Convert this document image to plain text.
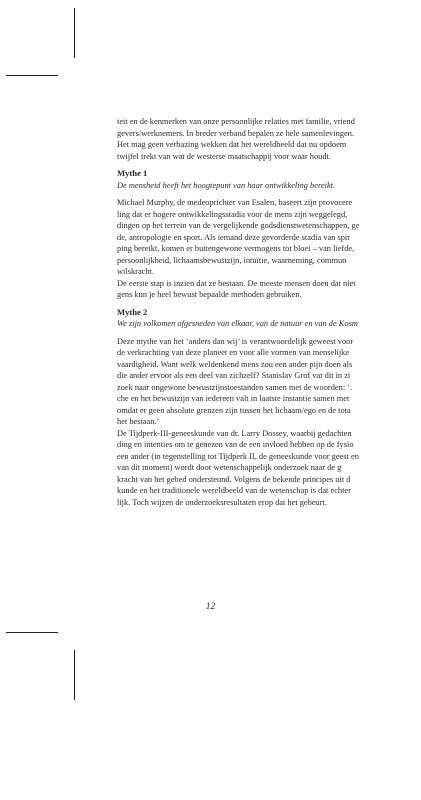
teit en de kenmerken van onze persoonlijke relaties met familie, vriend

gevers/werknemers. In breder verband bepalen ze hele samenlevingen.

Het mag geen verbazing wekken dat het wereldbeeld dat nu opdoem

twijfel trekt van wat de westerse maatschappij voor waar houdt.

Mythe 1

De mensheid heeft het hoogtepunt van haar ontwikkeling bereikt.

Michael Murphy, de medeoprichter van Esalen, baseert zijn provocere

ling dat er hogere ontwikkelingsstadia voor de mens zijn weggelegd,

dingen op het terrein van de vergelijkende godsdienstwetenschappen, ge

de, antropologie en sport. Als iemand deze gevorderde stadia van spir

ping bereikt, komen er buitengewone vermogens tot bloei – van liefde,

persoonlijkheid, lichaamsbewustzijn, intuïtie, waarneming, commun

wilskracht.

De eerste stap is inzien dat ze bestaan. De meeste mensen doen dat niet

gens kun je heel bewust bepaalde methoden gebruiken.

Mythe 2

We zijn volkomen afgesneden van elkaar, van de natuur en van de Kosm

Deze mythe van het ‘anders dan wij’ is verantwoordelijk geweest voor

de verkrachting van deze planeet en voor alle vormen van menselijke

vaardigheid. Want welk weldenkend mens zou een ander pijn doen als

die ander ervoor als een deel van zichzelf? Stanislav Grof vat dit in zi

zoek naar ongewone bewustzijnstoestanden samen met de woorden: ‘.

che en het bewustzijn van iedereen valt in laatste instantie samen met

omdat er geen absolute grenzen zijn tussen het lichaam/ego en de tota

het bestaan.’

De Tijdperk-III-geneeskunde van dr. Larry Dossey, waarbij gedachten

ding en intenties om te genezen van de een invloed hebben op de fysio

een ander (in tegenstelling tot Tijdperk II, de geneeskunde voor geest en

van dit moment) wordt door wetenschappelijk onderzoek naar de g

kracht van het gebed ondersteund. Volgens de bekende principes uit d

kunde en het traditionele wereldbeeld van de wetenschap is dat echter

lijk. Toch wijzen de onderzoeksresultaten erop dat het gebeurt.

12
